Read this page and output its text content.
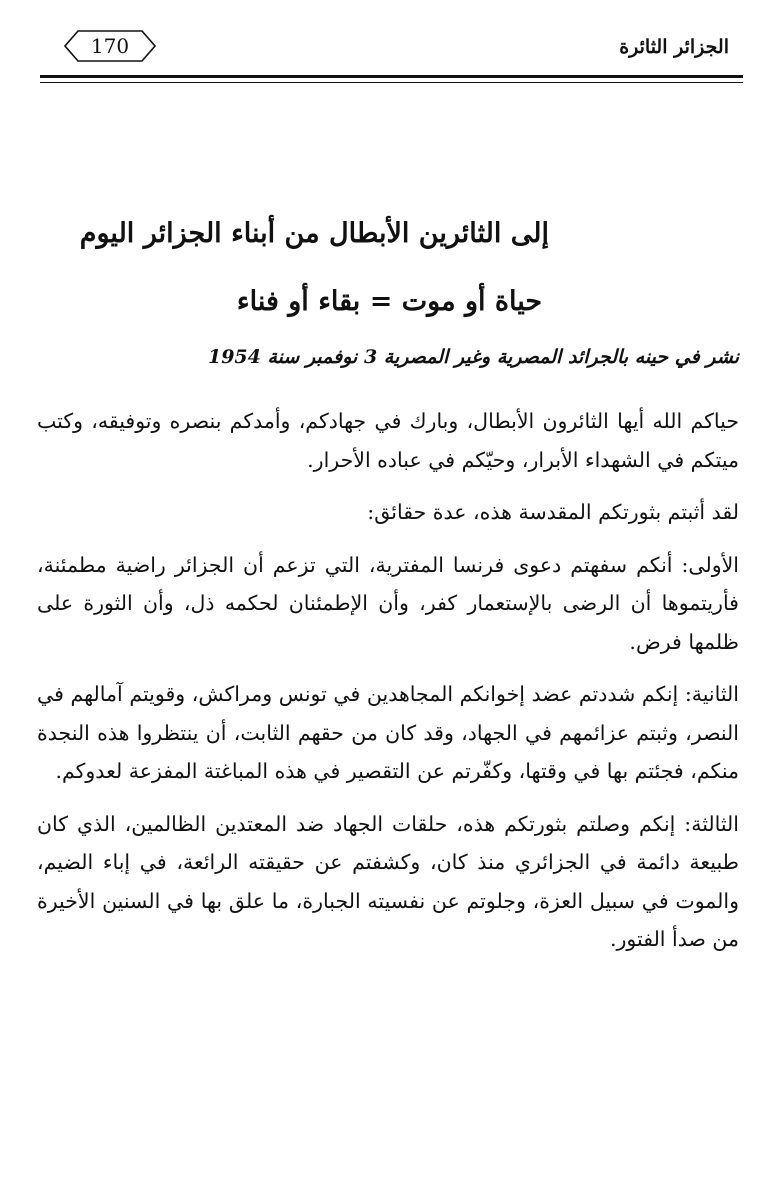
الجزائر الثائرة
170
إلى الثائرين الأبطال من أبناء الجزائر اليوم
حياة أو موت = بقاء أو فناء
نشر في حينه بالجرائد المصرية وغير المصرية 3 نوفمبر سنة 1954

حياكم الله أيها الثائرون الأبطال، وبارك في جهادكم، وأمدكم بنصره وتوفيقه، وكتب ميتكم في الشهداء الأبرار، وحيّكم في عباده الأحرار.

لقد أثبتم بثورتكم المقدسة هذه، عدة حقائق:

الأولى: أنكم سفهتم دعوى فرنسا المفترية، التي تزعم أن الجزائر راضية مطمئنة، فأريتموها أن الرضى بالإستعمار كفر، وأن الإطمئنان لحكمه ذل، وأن الثورة على ظلمها فرض.

الثانية: إنكم شددتم عضد إخوانكم المجاهدين في تونس ومراكش، وقويتم آمالهم في النصر، وثبتم عزائمهم في الجهاد، وقد كان من حقهم الثابت، أن ينتظروا هذه النجدة منكم، فجئتم بها في وقتها، وكفّرتم عن التقصير في هذه المباغتة المفزعة لعدوكم.

الثالثة: إنكم وصلتم بثورتكم هذه، حلقات الجهاد ضد المعتدين الظالمين، الذي كان طبيعة دائمة في الجزائري منذ كان، وكشفتم عن حقيقته الرائعة، في إباء الضيم، والموت في سبيل العزة، وجلوتم عن نفسيته الجبارة، ما علق بها في السنين الأخيرة من صدأ الفتور.
